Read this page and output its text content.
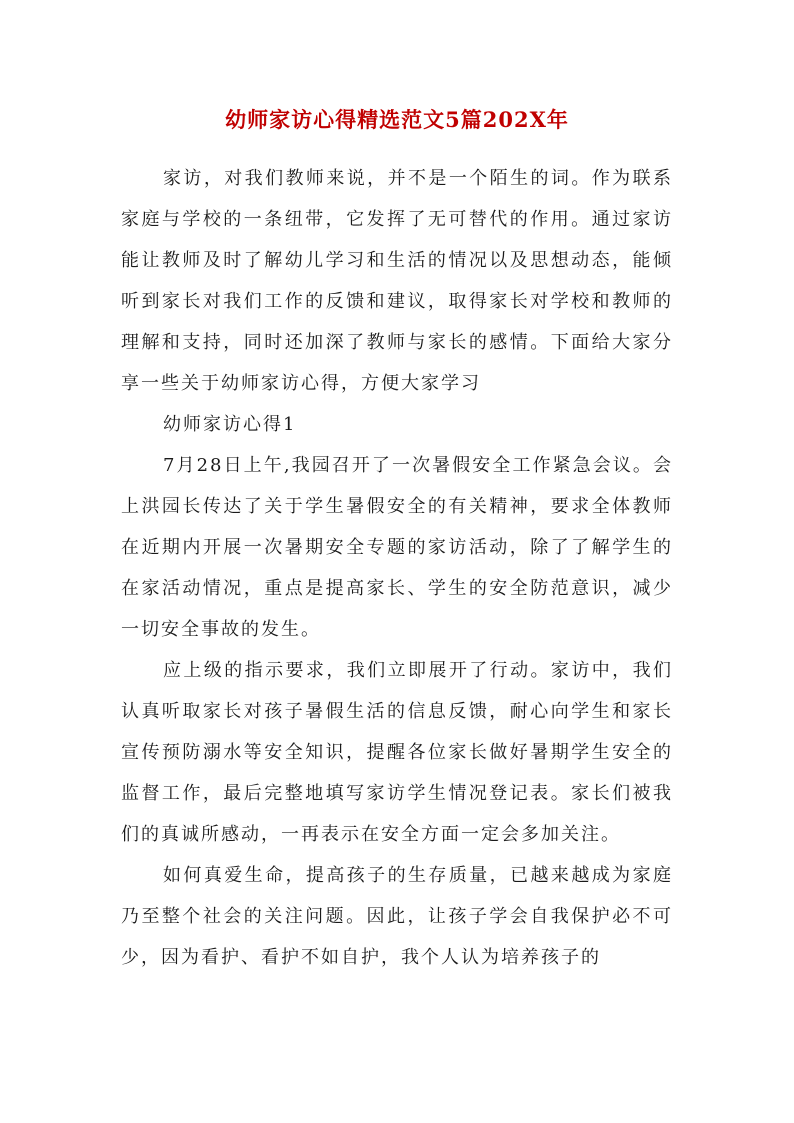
幼师家访心得精选范文5篇202X年

家访，对我们教师来说，并不是一个陌生的词。作为联系家庭与学校的一条纽带，它发挥了无可替代的作用。通过家访能让教师及时了解幼儿学习和生活的情况以及思想动态，能倾听到家长对我们工作的反馈和建议，取得家长对学校和教师的理解和支持，同时还加深了教师与家长的感情。下面给大家分享一些关于幼师家访心得，方便大家学习

幼师家访心得1

7月28日上午,我园召开了一次暑假安全工作紧急会议。会上洪园长传达了关于学生暑假安全的有关精神，要求全体教师在近期内开展一次暑期安全专题的家访活动，除了了解学生的在家活动情况，重点是提高家长、学生的安全防范意识，减少一切安全事故的发生。

应上级的指示要求，我们立即展开了行动。家访中，我们认真听取家长对孩子暑假生活的信息反馈，耐心向学生和家长宣传预防溺水等安全知识，提醒各位家长做好暑期学生安全的监督工作，最后完整地填写家访学生情况登记表。家长们被我们的真诚所感动，一再表示在安全方面一定会多加关注。

如何真爱生命，提高孩子的生存质量，已越来越成为家庭乃至整个社会的关注问题。因此，让孩子学会自我保护必不可少，因为看护、看护不如自护，我个人认为培养孩子的
